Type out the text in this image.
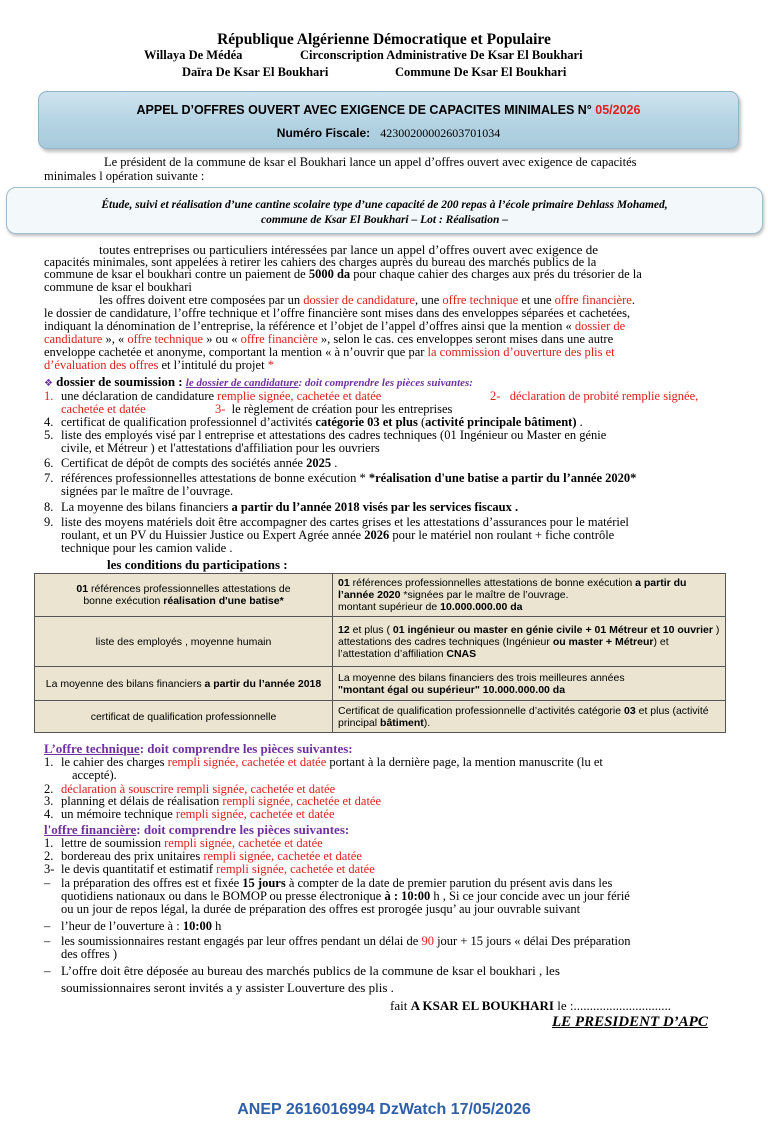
République Algérienne Démocratique et Populaire
Willaya De Médéa	Circonscription Administrative De Ksar El Boukhari
Daïra De Ksar El Boukhari	Commune De Ksar El Boukhari
APPEL D’OFFRES OUVERT AVEC EXIGENCE DE CAPACITES MINIMALES N° 05/2026
Numéro Fiscale: 42300200002603701034
Le président de la commune de ksar el Boukhari lance un appel d’offres ouvert avec exigence de capacités
minimales l opération suivante :
Étude, suivi et réalisation d’une cantine scolaire type d’une capacité de 200 repas à l’école primaire Dehlass Mohamed,
commune de Ksar El Boukhari – Lot : Réalisation –
toutes entreprises ou particuliers intéressées par lance un appel d’offres ouvert avec exigence de
capacités minimales, sont appelées à retirer les cahiers des charges auprès du bureau des marchés publics de la
commune de ksar el boukhari contre un paiement de 5000 da pour chaque cahier des charges aux prés du trésorier de la
commune de ksar el boukhari
les offres doivent etre composées par un dossier de candidature, une offre technique et une offre financière.
le dossier de candidature, l’offre technique et l’offre financière sont mises dans des enveloppes séparées et cachetées,
indiquant la dénomination de l’entreprise, la référence et l’objet de l’appel d’offres ainsi que la mention « dossier de
candidature », « offre technique » ou « offre financière », selon le cas. ces enveloppes seront mises dans une autre
enveloppe cachetée et anonyme, comportant la mention « à n’ouvrir que par la commission d’ouverture des plis et
d’évaluation des offres et l’intitulé du projet *
❖ dossier de soumission : le dossier de candidature: doit comprendre les pièces suivantes:
1. une déclaration de candidature remplie signée, cachetée et datée	2- déclaration de probité remplie signée,
cachetée et datée	3- le règlement de création pour les entreprises
4. certificat de qualification professionnel d’activités catégorie 03 et plus (activité principale bâtiment) .
5. liste des employés visé par l entreprise et attestations des cadres techniques (01 Ingénieur ou Master en génie
civile, et Métreur ) et l'attestations d'affiliation pour les ouvriers
6. Certificat de dépôt de compts des sociétés année 2025 .
7. références professionnelles attestations de bonne exécution * *réalisation d'une batise a partir du l’année 2020*
signées par le maître de l’ouvrage.
8. La moyenne des bilans financiers a partir du l’année 2018 visés par les services fiscaux .
9. liste des moyens matériels doit être accompagner des cartes grises et les attestations d’assurances pour le matériel
roulant, et un PV du Huissier Justice ou Expert Agrée année 2026 pour le matériel non roulant + fiche contrôle
technique pour les camion valide .
les conditions du participations :
01 références professionnelles attestations de
bonne exécution réalisation d'une batise*	01 références professionnelles attestations de bonne exécution a partir du l’année 2020 *signées par le maître de l’ouvrage.
montant supérieur de 10.000.000.00 da
liste des employés , moyenne humain	12 et plus ( 01 ingénieur ou master en génie civile + 01 Métreur et 10 ouvrier ) attestations des cadres techniques (Ingénieur ou master + Métreur) et l’attestation d’affiliation CNAS
La moyenne des bilans financiers a partir du l’année 2018	La moyenne des bilans financiers des trois meilleures années
"montant égal ou supérieur" 10.000.000.00 da
certificat de qualification professionnelle	Certificat de qualification professionnelle d’activités catégorie 03 et plus (activité principal bâtiment).
L’offre technique: doit comprendre les pièces suivantes:
1. le cahier des charges rempli signée, cachetée et datée portant à la dernière page, la mention manuscrite (lu et
accepté).
2. déclaration à souscrire rempli signée, cachetée et datée
3. planning et délais de réalisation rempli signée, cachetée et datée
4. un mémoire technique rempli signée, cachetée et datée
l'offre financière: doit comprendre les pièces suivantes:
1. lettre de soumission rempli signée, cachetée et datée
2. bordereau des prix unitaires rempli signée, cachetée et datée
3- le devis quantitatif et estimatif rempli signée, cachetée et datée
– la préparation des offres est et fixée 15 jours à compter de la date de premier parution du présent avis dans les
quotidiens nationaux ou dans le BOMOP ou presse électronique à : 10:00 h , Si ce jour concide avec un jour férié
ou un jour de repos légal, la durée de préparation des offres est prorogée jusqu’ au jour ouvrable suivant
– l’heur de l’ouverture à : 10:00 h
– les soumissionnaires restant engagés par leur offres pendant un délai de 90 jour + 15 jours « délai Des préparation
des offres )
– L’offre doit être déposée au bureau des marchés publics de la commune de ksar el boukhari , les
soumissionnaires seront invités a y assister Louverture des plis .
fait A KSAR EL BOUKHARI le :..............................
LE PRESIDENT D’APC
ANEP 2616016994 DzWatch 17/05/2026
